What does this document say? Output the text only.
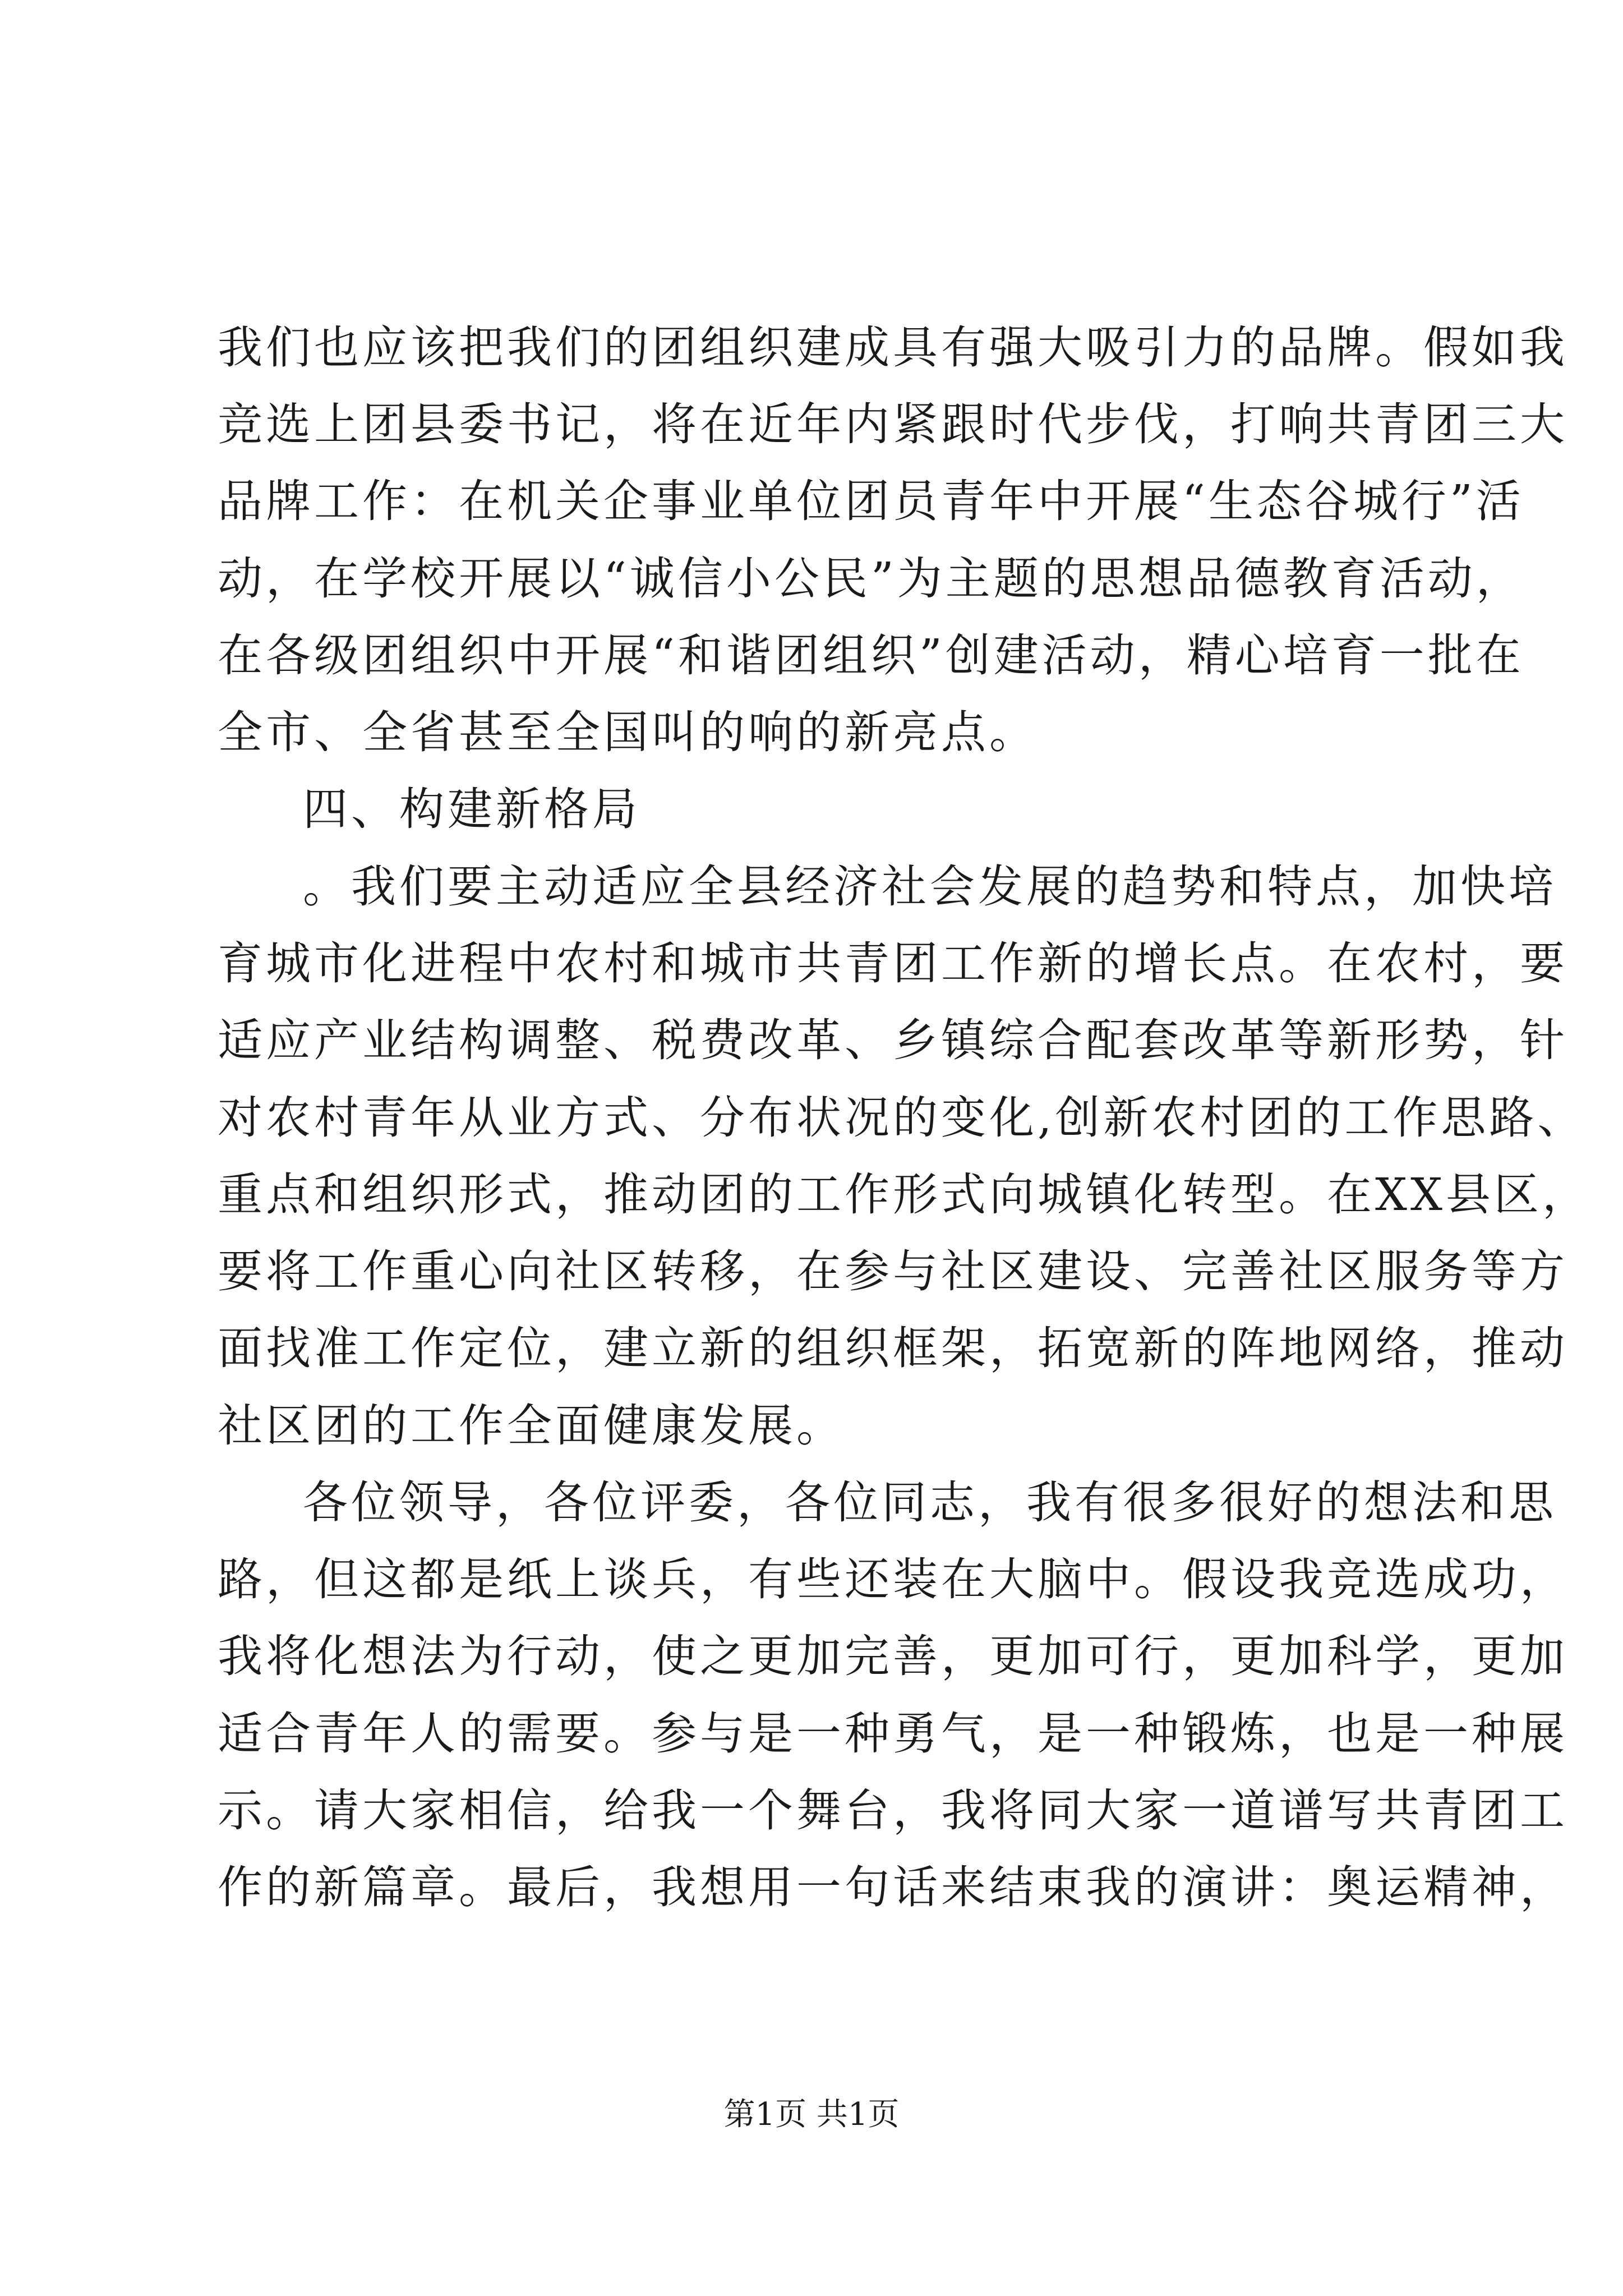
我们也应该把我们的团组织建成具有强大吸引力的品牌。假如我
竞选上团县委书记，将在近年内紧跟时代步伐，打响共青团三大
品牌工作：在机关企事业单位团员青年中开展“生态谷城行”活
动，在学校开展以“诚信小公民”为主题的思想品德教育活动，
在各级团组织中开展“和谐团组织”创建活动，精心培育一批在
全市、全省甚至全国叫的响的新亮点。
四、构建新格局
。我们要主动适应全县经济社会发展的趋势和特点，加快培
育城市化进程中农村和城市共青团工作新的增长点。在农村，要
适应产业结构调整、税费改革、乡镇综合配套改革等新形势，针
对农村青年从业方式、分布状况的变化,创新农村团的工作思路、
重点和组织形式，推动团的工作形式向城镇化转型。在XX县区，
要将工作重心向社区转移，在参与社区建设、完善社区服务等方
面找准工作定位，建立新的组织框架，拓宽新的阵地网络，推动
社区团的工作全面健康发展。
各位领导，各位评委，各位同志，我有很多很好的想法和思
路，但这都是纸上谈兵，有些还装在大脑中。假设我竞选成功，
我将化想法为行动，使之更加完善，更加可行，更加科学，更加
适合青年人的需要。参与是一种勇气，是一种锻炼，也是一种展
示。请大家相信，给我一个舞台，我将同大家一道谱写共青团工
作的新篇章。最后，我想用一句话来结束我的演讲：奥运精神，
第1页 共1页
